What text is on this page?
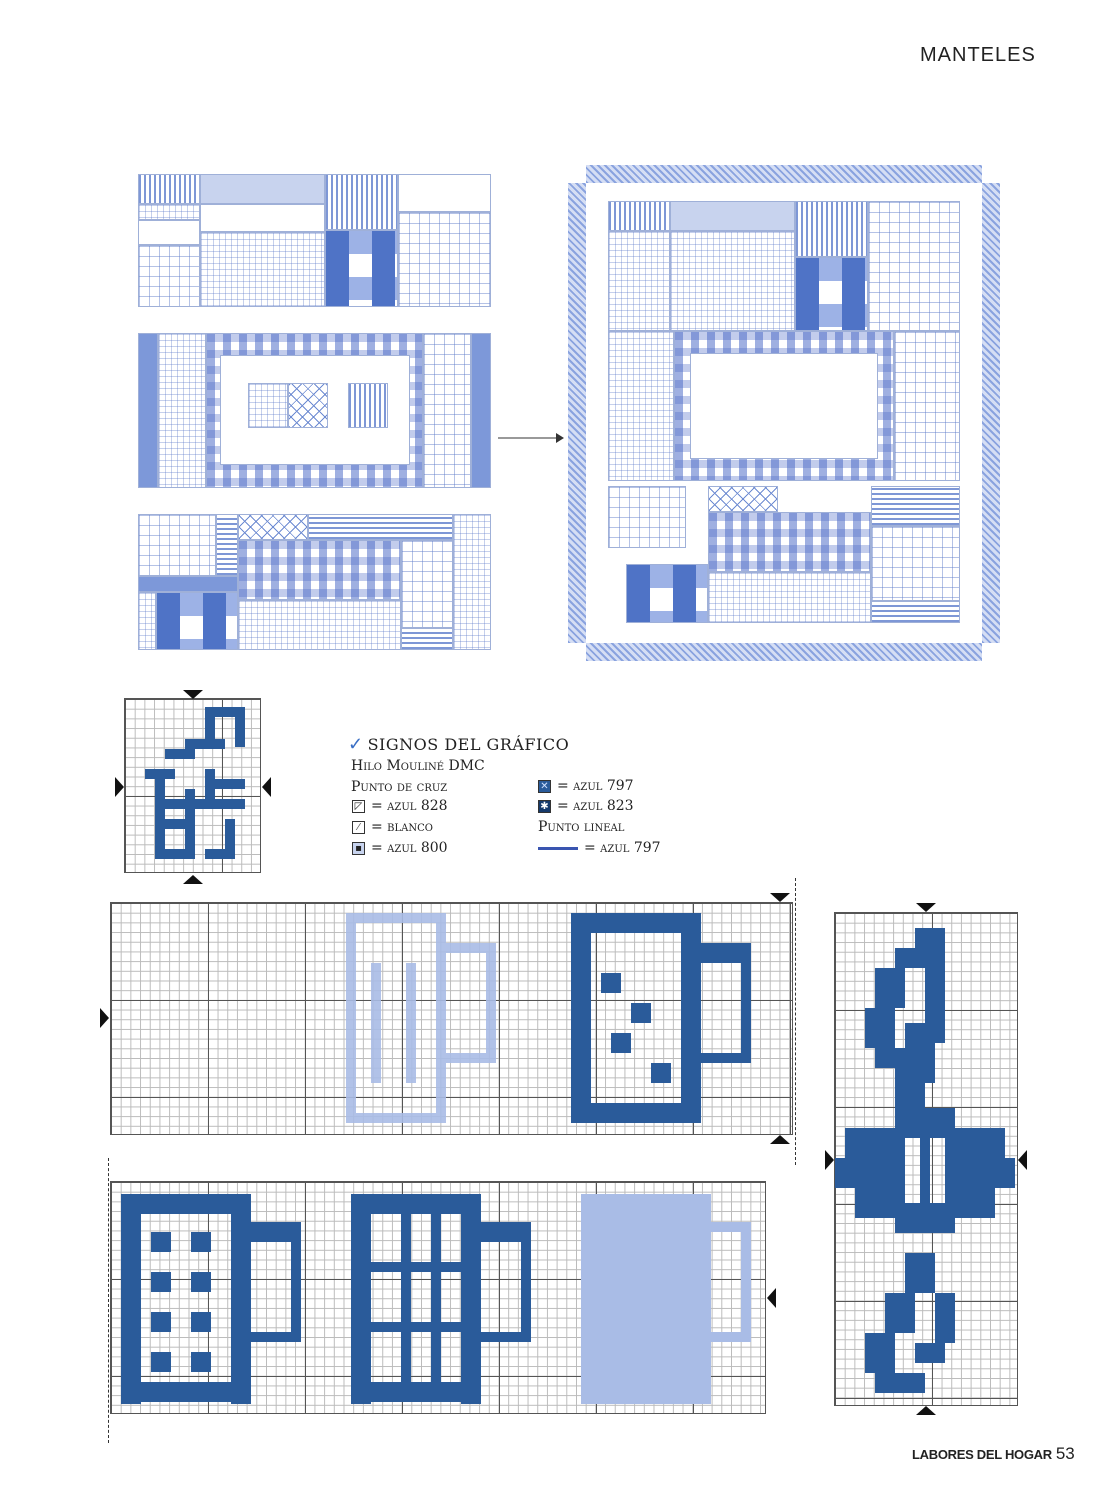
MANTELES
✓ SIGNOS DEL GRÁFICO
Hilo Mouliné DMC
Punto de cruz
◸ = azul 828
⁄ = blanco
▪ = azul 800
✕ = azul 797
✱ = azul 823
Punto lineal
= azul 797
LABORES DEL HOGAR 53
